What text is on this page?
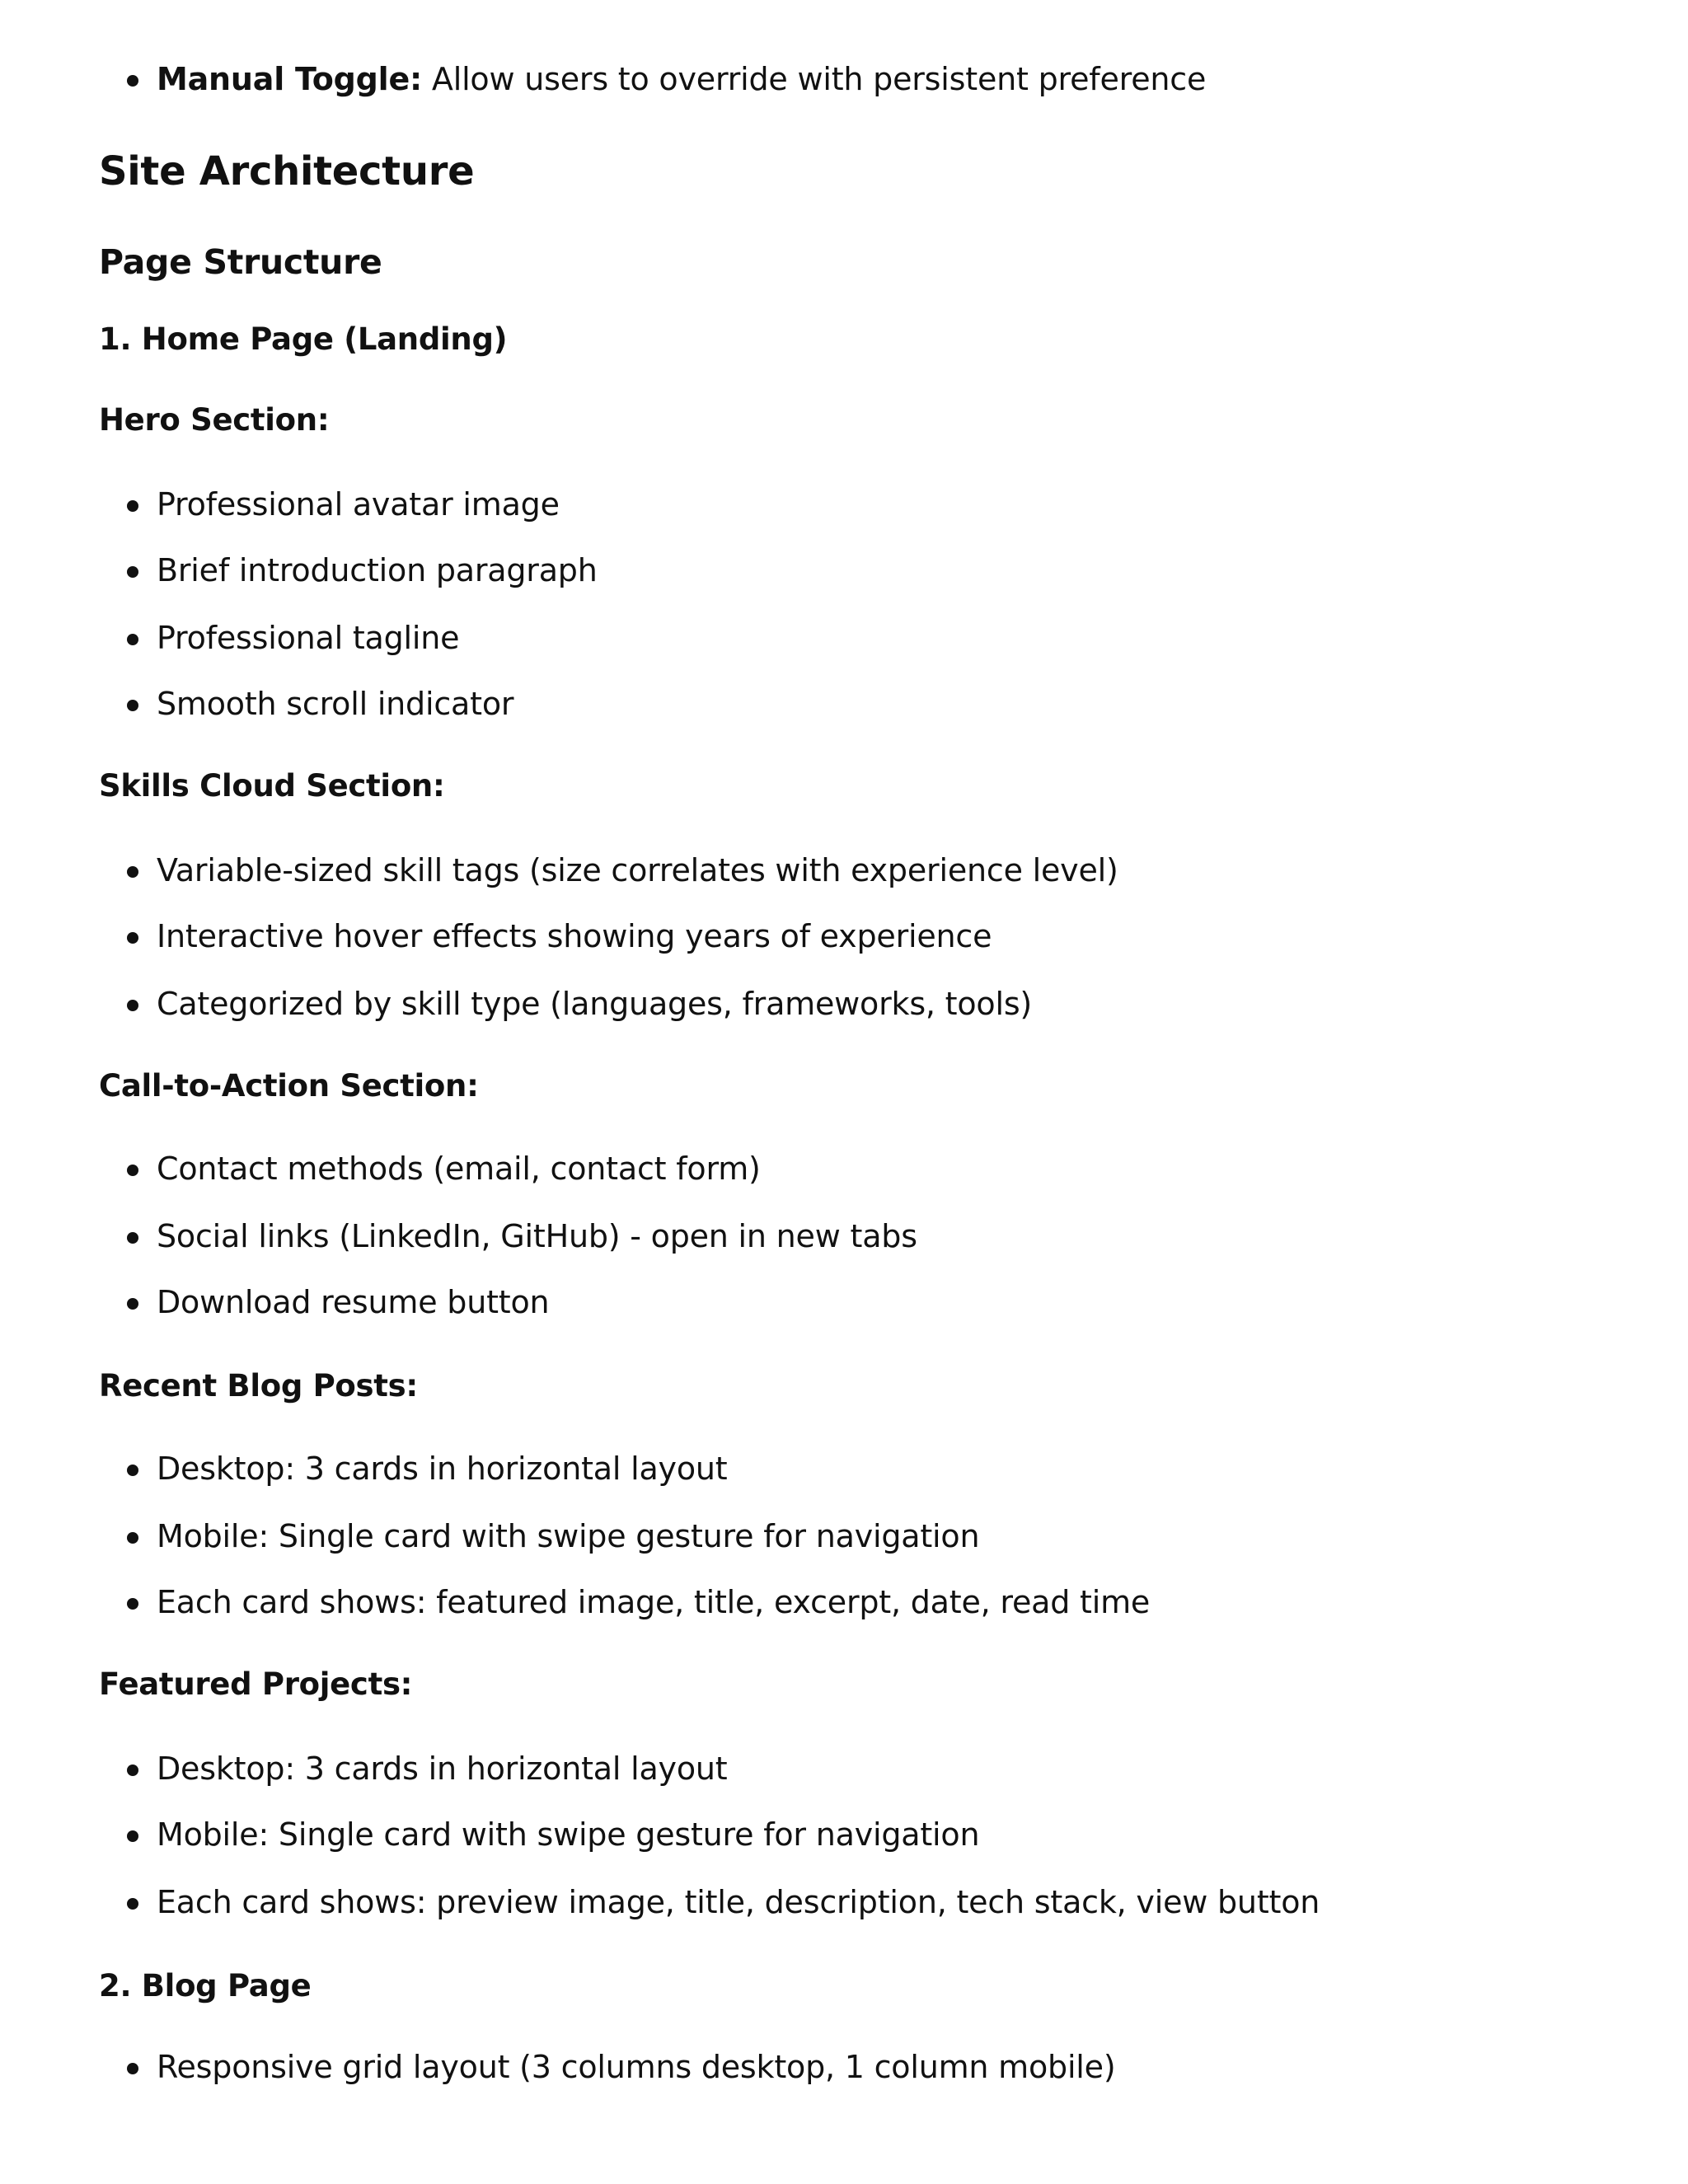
Manual Toggle: Allow users to override with persistent preference
Site Architecture
Page Structure
1. Home Page (Landing)
Hero Section:
Professional avatar image
Brief introduction paragraph
Professional tagline
Smooth scroll indicator
Skills Cloud Section:
Variable-sized skill tags (size correlates with experience level)
Interactive hover effects showing years of experience
Categorized by skill type (languages, frameworks, tools)
Call-to-Action Section:
Contact methods (email, contact form)
Social links (LinkedIn, GitHub) - open in new tabs
Download resume button
Recent Blog Posts:
Desktop: 3 cards in horizontal layout
Mobile: Single card with swipe gesture for navigation
Each card shows: featured image, title, excerpt, date, read time
Featured Projects:
Desktop: 3 cards in horizontal layout
Mobile: Single card with swipe gesture for navigation
Each card shows: preview image, title, description, tech stack, view button
2. Blog Page
Responsive grid layout (3 columns desktop, 1 column mobile)
